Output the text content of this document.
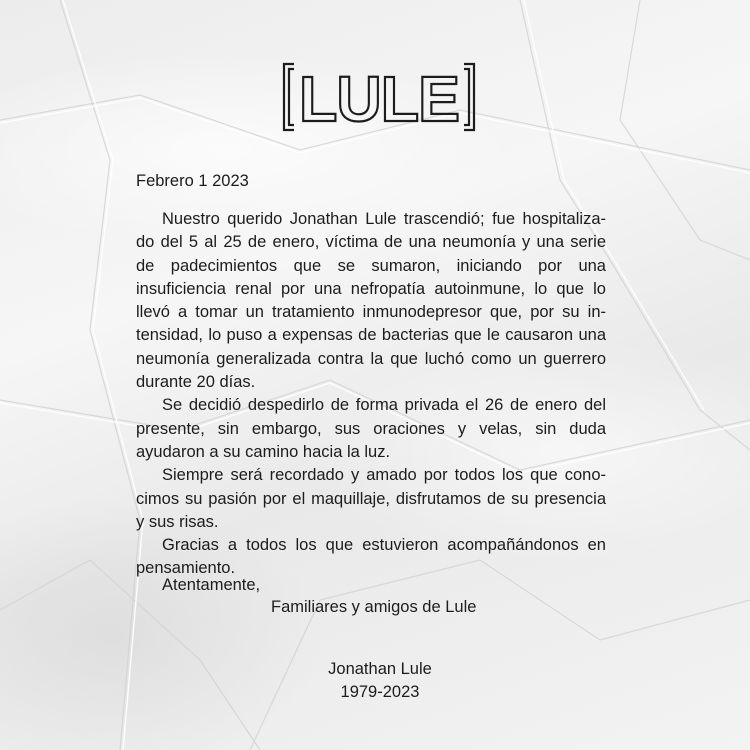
LULE
Febrero 1 2023
Nuestro querido Jonathan Lule trascendió; fue hospitaliza-
do del 5 al 25 de enero, víctima de una neumonía y una serie
de padecimientos que se sumaron, iniciando por una
insuficiencia renal por una nefropatía autoinmune, lo que lo
llevó a tomar un tratamiento inmunodepresor que, por su in-
tensidad, lo puso a expensas de bacterias que le causaron una
neumonía generalizada contra la que luchó como un guerrero
durante 20 días.
Se decidió despedirlo de forma privada el 26 de enero del
presente, sin embargo, sus oraciones y velas, sin duda
ayudaron a su camino hacia la luz.
Siempre será recordado y amado por todos los que cono-
cimos su pasión por el maquillaje, disfrutamos de su presencia
y sus risas.
Gracias a todos los que estuvieron acompañándonos en
pensamiento.
Atentamente,
Familiares y amigos de Lule
Jonathan Lule
1979-2023
